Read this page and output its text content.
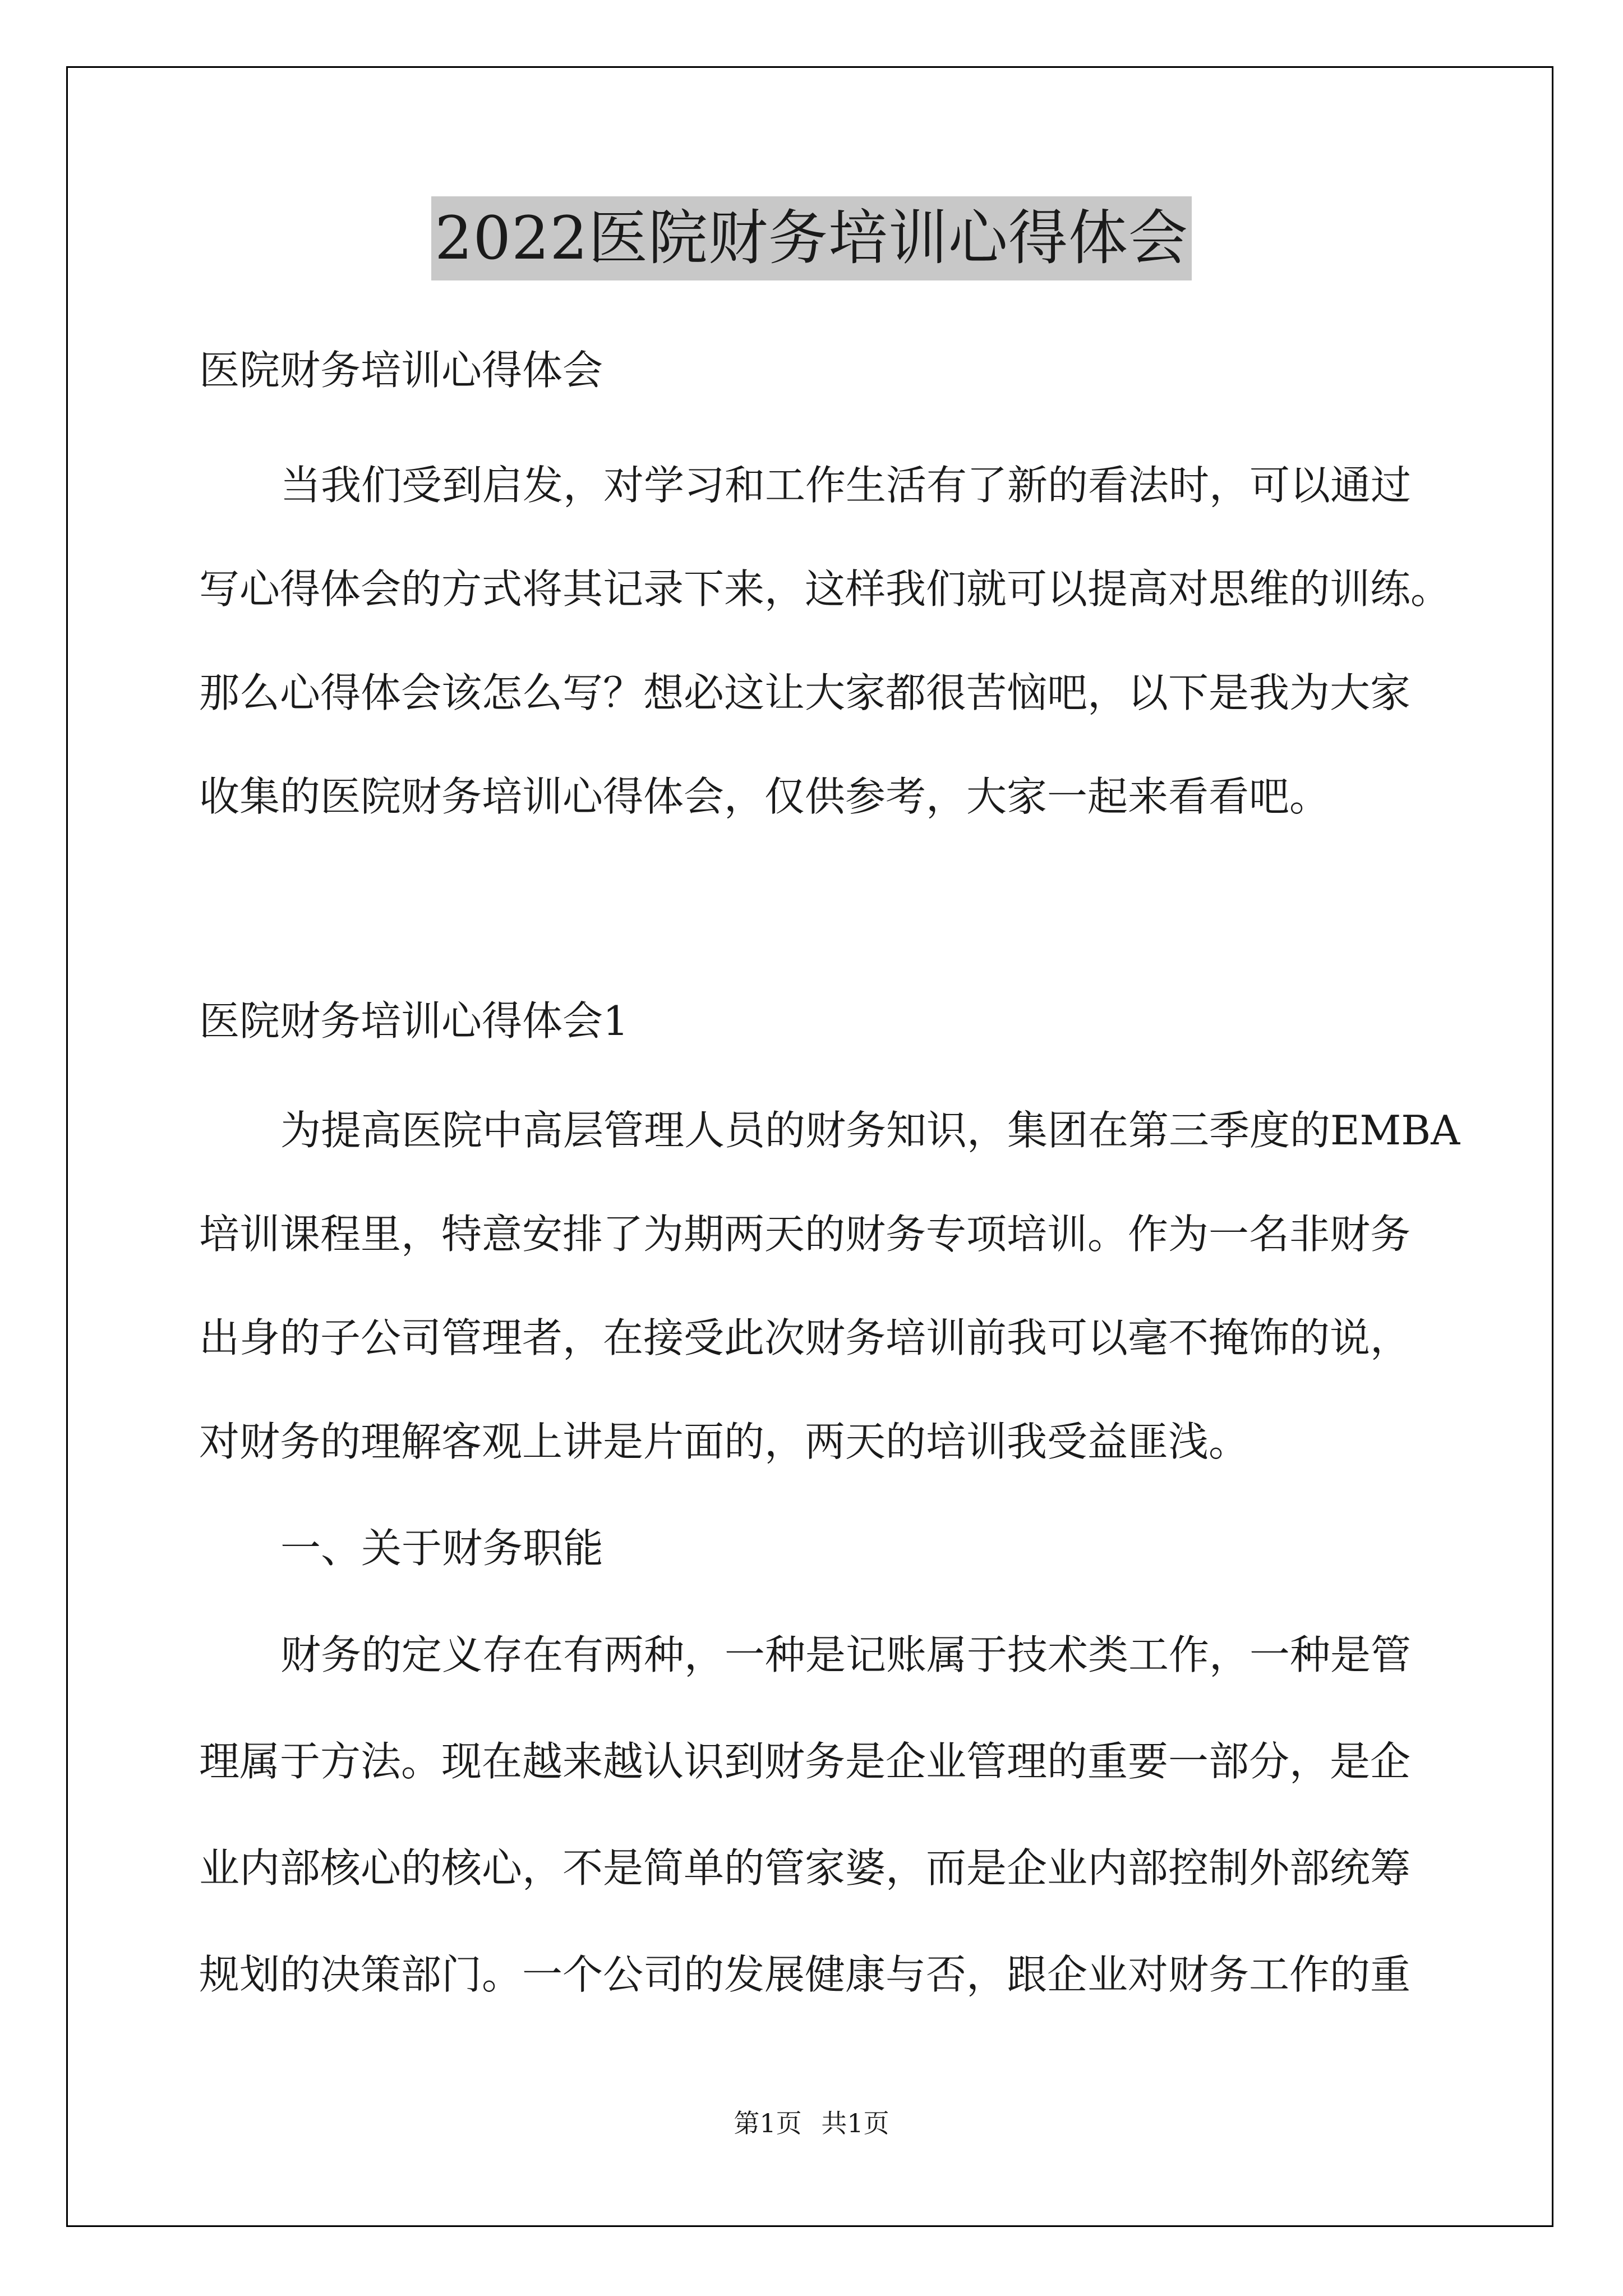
2022医院财务培训心得体会
医院财务培训心得体会
当我们受到启发，对学习和工作生活有了新的看法时，可以通过
写心得体会的方式将其记录下来，这样我们就可以提高对思维的训练。
那么心得体会该怎么写？想必这让大家都很苦恼吧，以下是我为大家
收集的医院财务培训心得体会，仅供参考，大家一起来看看吧。
医院财务培训心得体会1
为提高医院中高层管理人员的财务知识，集团在第三季度的EMBA
培训课程里，特意安排了为期两天的财务专项培训。作为一名非财务
出身的子公司管理者，在接受此次财务培训前我可以毫不掩饰的说，
对财务的理解客观上讲是片面的，两天的培训我受益匪浅。
一、关于财务职能
财务的定义存在有两种，一种是记账属于技术类工作，一种是管
理属于方法。现在越来越认识到财务是企业管理的重要一部分，是企
业内部核心的核心，不是简单的管家婆，而是企业内部控制外部统筹
规划的决策部门。一个公司的发展健康与否，跟企业对财务工作的重
第1页 共1页
